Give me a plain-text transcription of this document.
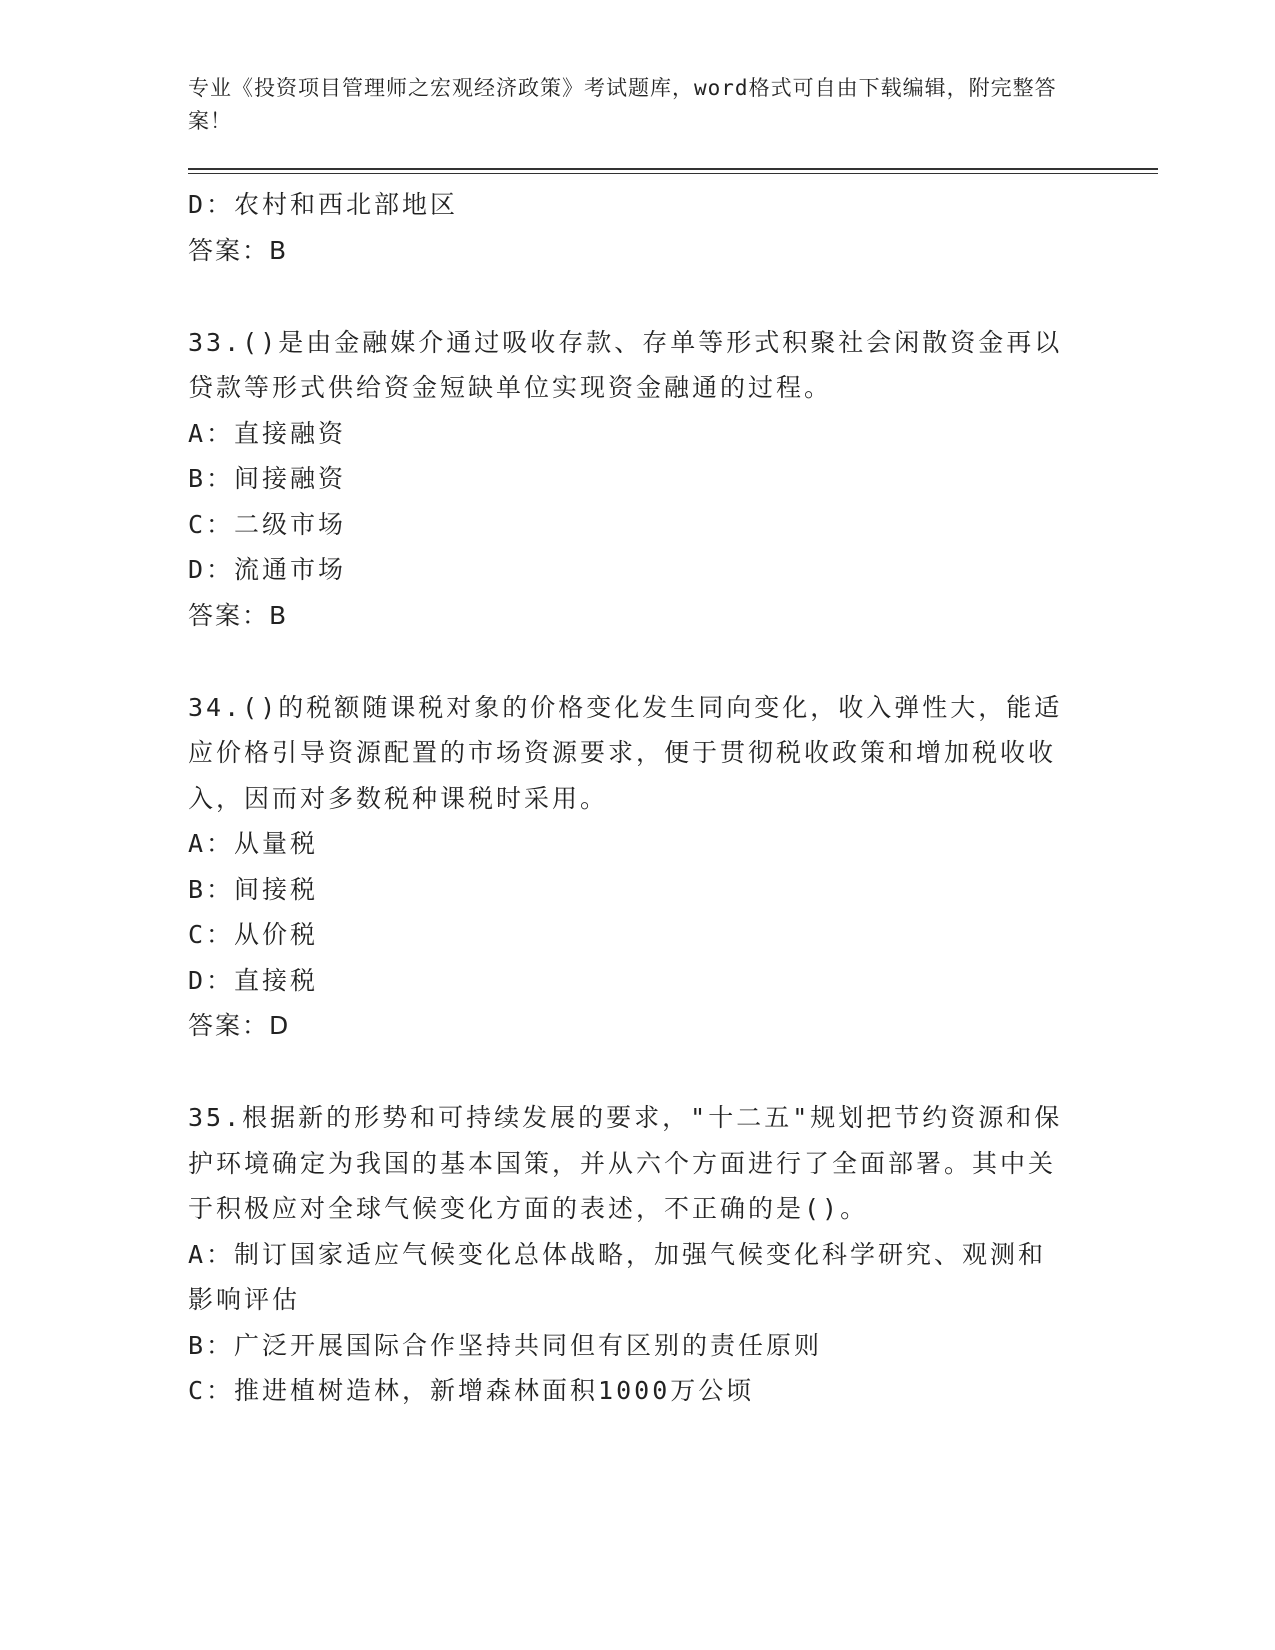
专业《投资项目管理师之宏观经济政策》考试题库，word格式可自由下载编辑，附完整答案！
D：农村和西北部地区
答案：B
33.()是由金融媒介通过吸收存款、存单等形式积聚社会闲散资金再以贷款等形式供给资金短缺单位实现资金融通的过程。
A：直接融资
B：间接融资
C：二级市场
D：流通市场
答案：B
34.()的税额随课税对象的价格变化发生同向变化，收入弹性大，能适应价格引导资源配置的市场资源要求，便于贯彻税收政策和增加税收收入，因而对多数税种课税时采用。
A：从量税
B：间接税
C：从价税
D：直接税
答案：D
35.根据新的形势和可持续发展的要求，"十二五"规划把节约资源和保护环境确定为我国的基本国策，并从六个方面进行了全面部署。其中关于积极应对全球气候变化方面的表述，不正确的是()。
A：制订国家适应气候变化总体战略，加强气候变化科学研究、观测和影响评估
B：广泛开展国际合作坚持共同但有区别的责任原则
C：推进植树造林，新增森林面积1000万公顷
